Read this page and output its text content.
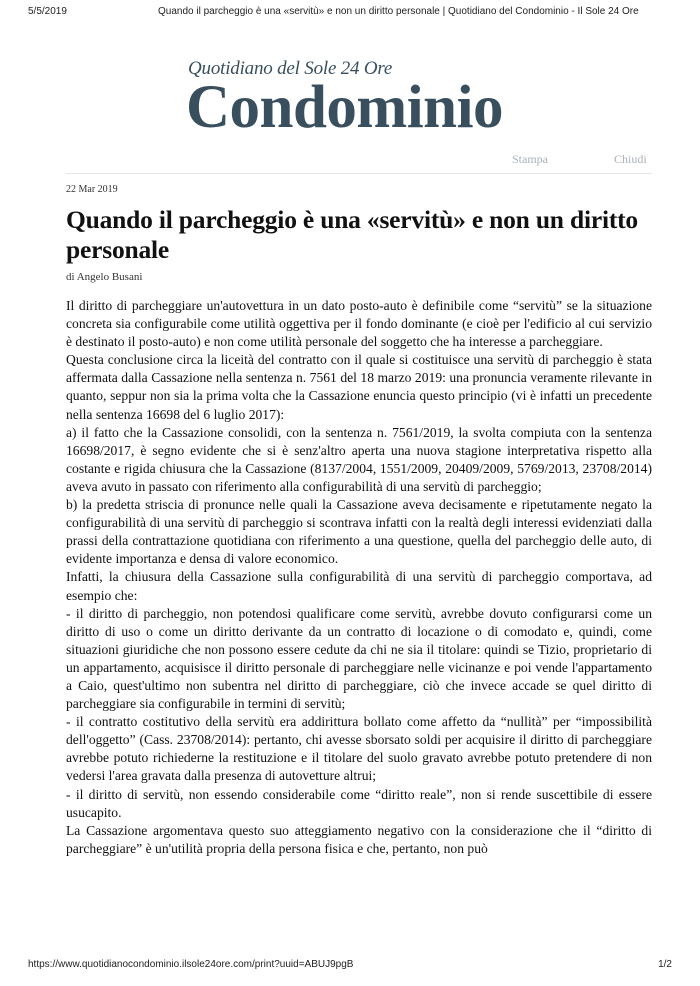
5/5/2019	Quando il parcheggio è una «servitù» e non un diritto personale | Quotidiano del Condominio - Il Sole 24 Ore
Quotidiano del Sole 24 Ore
Condominio
Stampa	Chiudi
22 Mar 2019
Quando il parcheggio è una «servitù» e non un diritto personale
di Angelo Busani

Il diritto di parcheggiare un'autovettura in un dato posto-auto è definibile come “servitù” se la situazione concreta sia configurabile come utilità oggettiva per il fondo dominante (e cioè per l'edificio al cui servizio è destinato il posto-auto) e non come utilità personale del soggetto che ha interesse a parcheggiare.

Questa conclusione circa la liceità del contratto con il quale si costituisce una servitù di parcheggio è stata affermata dalla Cassazione nella sentenza n. 7561 del 18 marzo 2019: una pronuncia veramente rilevante in quanto, seppur non sia la prima volta che la Cassazione enuncia questo principio (vi è infatti un precedente nella sentenza 16698 del 6 luglio 2017):

a) il fatto che la Cassazione consolidi, con la sentenza n. 7561/2019, la svolta compiuta con la sentenza 16698/2017, è segno evidente che si è senz'altro aperta una nuova stagione interpretativa rispetto alla costante e rigida chiusura che la Cassazione (8137/2004, 1551/2009, 20409/2009, 5769/2013, 23708/2014) aveva avuto in passato con riferimento alla configurabilità di una servitù di parcheggio;

b) la predetta striscia di pronunce nelle quali la Cassazione aveva decisamente e ripetutamente negato la configurabilità di una servitù di parcheggio si scontrava infatti con la realtà degli interessi evidenziati dalla prassi della contrattazione quotidiana con riferimento a una questione, quella del parcheggio delle auto, di evidente importanza e densa di valore economico.

Infatti, la chiusura della Cassazione sulla configurabilità di una servitù di parcheggio comportava, ad esempio che:

- il diritto di parcheggio, non potendosi qualificare come servitù, avrebbe dovuto configurarsi come un diritto di uso o come un diritto derivante da un contratto di locazione o di comodato e, quindi, come situazioni giuridiche che non possono essere cedute da chi ne sia il titolare: quindi se Tizio, proprietario di un appartamento, acquisisce il diritto personale di parcheggiare nelle vicinanze e poi vende l'appartamento a Caio, quest'ultimo non subentra nel diritto di parcheggiare, ciò che invece accade se quel diritto di parcheggiare sia configurabile in termini di servitù;

- il contratto costitutivo della servitù era addirittura bollato come affetto da “nullità” per “impossibilità dell'oggetto” (Cass. 23708/2014): pertanto, chi avesse sborsato soldi per acquisire il diritto di parcheggiare avrebbe potuto richiederne la restituzione e il titolare del suolo gravato avrebbe potuto pretendere di non vedersi l'area gravata dalla presenza di autovetture altrui;

- il diritto di servitù, non essendo considerabile come “diritto reale”, non si rende suscettibile di essere usucapito.

La Cassazione argomentava questo suo atteggiamento negativo con la considerazione che il “diritto di parcheggiare” è un'utilità propria della persona fisica e che, pertanto, non può

https://www.quotidianocondominio.ilsole24ore.com/print?uuid=ABUJ9pgB	1/2
